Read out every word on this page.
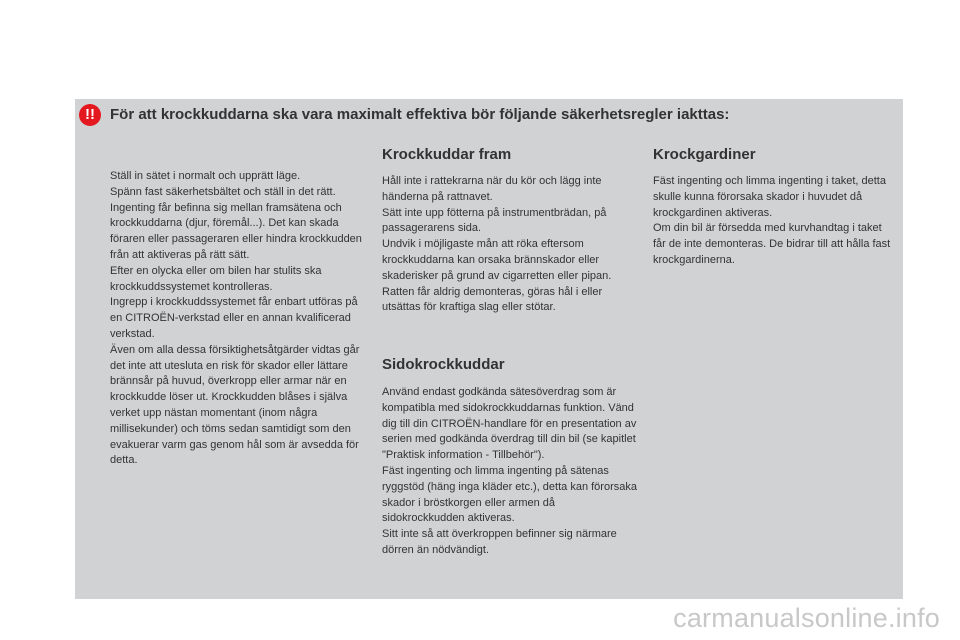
!! För att krockkuddarna ska vara maximalt effektiva bör följande säkerhetsregler iakttas:

Ställ in sätet i normalt och upprätt läge.
Spänn fast säkerhetsbältet och ställ in det rätt.
Ingenting får befinna sig mellan framsätena och krockkuddarna (djur, föremål...). Det kan skada föraren eller passageraren eller hindra krockkudden från att aktiveras på rätt sätt.
Efter en olycka eller om bilen har stulits ska krockkuddssystemet kontrolleras.
Ingrepp i krockkuddssystemet får enbart utföras på en CITROËN-verkstad eller en annan kvalificerad verkstad.
Även om alla dessa försiktighetsåtgärder vidtas går det inte att utesluta en risk för skador eller lättare brännsår på huvud, överkropp eller armar när en krockkudde löser ut. Krockkudden blåses i själva verket upp nästan momentant (inom några millisekunder) och töms sedan samtidigt som den evakuerar varm gas genom hål som är avsedda för detta.

Krockkuddar fram

Håll inte i rattekrarna när du kör och lägg inte händerna på rattnavet.
Sätt inte upp fötterna på instrumentbrädan, på passagerarens sida.
Undvik i möjligaste mån att röka eftersom krockkuddarna kan orsaka brännskador eller skaderisker på grund av cigarretten eller pipan.
Ratten får aldrig demonteras, göras hål i eller utsättas för kraftiga slag eller stötar.

Sidokrockkuddar

Använd endast godkända sätesöverdrag som är kompatibla med sidokrockkuddarnas funktion. Vänd dig till din CITROËN-handlare för en presentation av serien med godkända överdrag till din bil (se kapitlet "Praktisk information - Tillbehör").
Fäst ingenting och limma ingenting på sätenas ryggstöd (häng inga kläder etc.), detta kan förorsaka skador i bröstkorgen eller armen då sidokrockkudden aktiveras.
Sitt inte så att överkroppen befinner sig närmare dörren än nödvändigt.

Krockgardiner

Fäst ingenting och limma ingenting i taket, detta skulle kunna förorsaka skador i huvudet då krockgardinen aktiveras.
Om din bil är försedda med kurvhandtag i taket får de inte demonteras. De bidrar till att hålla fast krockgardinerna.

carmanualsonline.info
